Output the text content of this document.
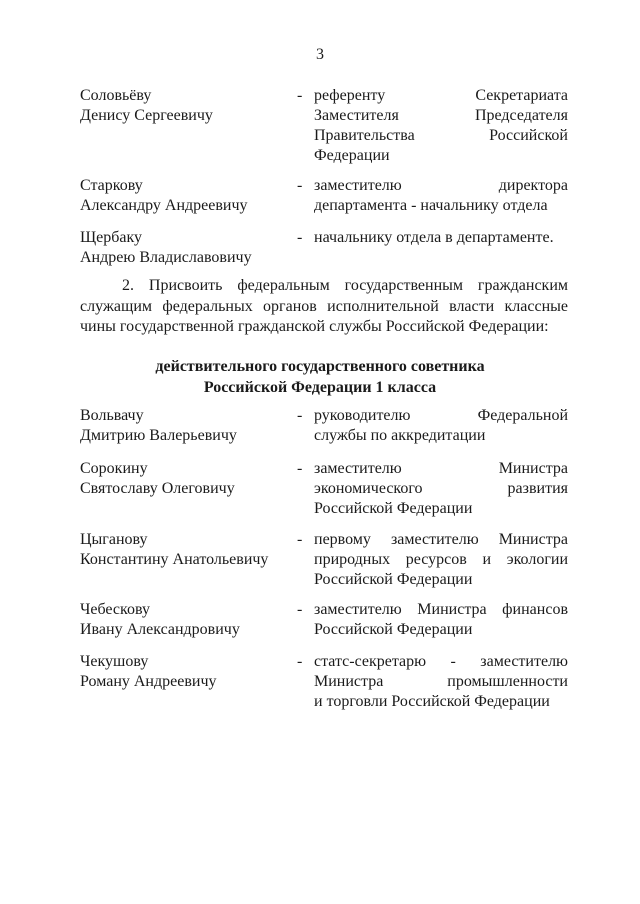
3
Соловьёву
Денису Сергеевичу
- референту Секретариата
Заместителя Председателя
Правительства Российской
Федерации
Старкову
Александру Андреевичу
- заместителю директора
департамента - начальнику отдела
Щербаку
Андрею Владиславовичу
- начальнику отдела в департаменте.
2. Присвоить федеральным государственным гражданским
служащим федеральных органов исполнительной власти классные
чины государственной гражданской службы Российской Федерации:
действительного государственного советника
Российской Федерации 1 класса
Вольвачу
Дмитрию Валерьевичу
- руководителю Федеральной
службы по аккредитации
Сорокину
Святославу Олеговичу
- заместителю Министра
экономического развития
Российской Федерации
Цыганову
Константину Анатольевичу
- первому заместителю Министра
природных ресурсов и экологии
Российской Федерации
Чебескову
Ивану Александровичу
- заместителю Министра финансов
Российской Федерации
Чекушову
Роману Андреевичу
- статс-секретарю - заместителю
Министра промышленности
и торговли Российской Федерации
